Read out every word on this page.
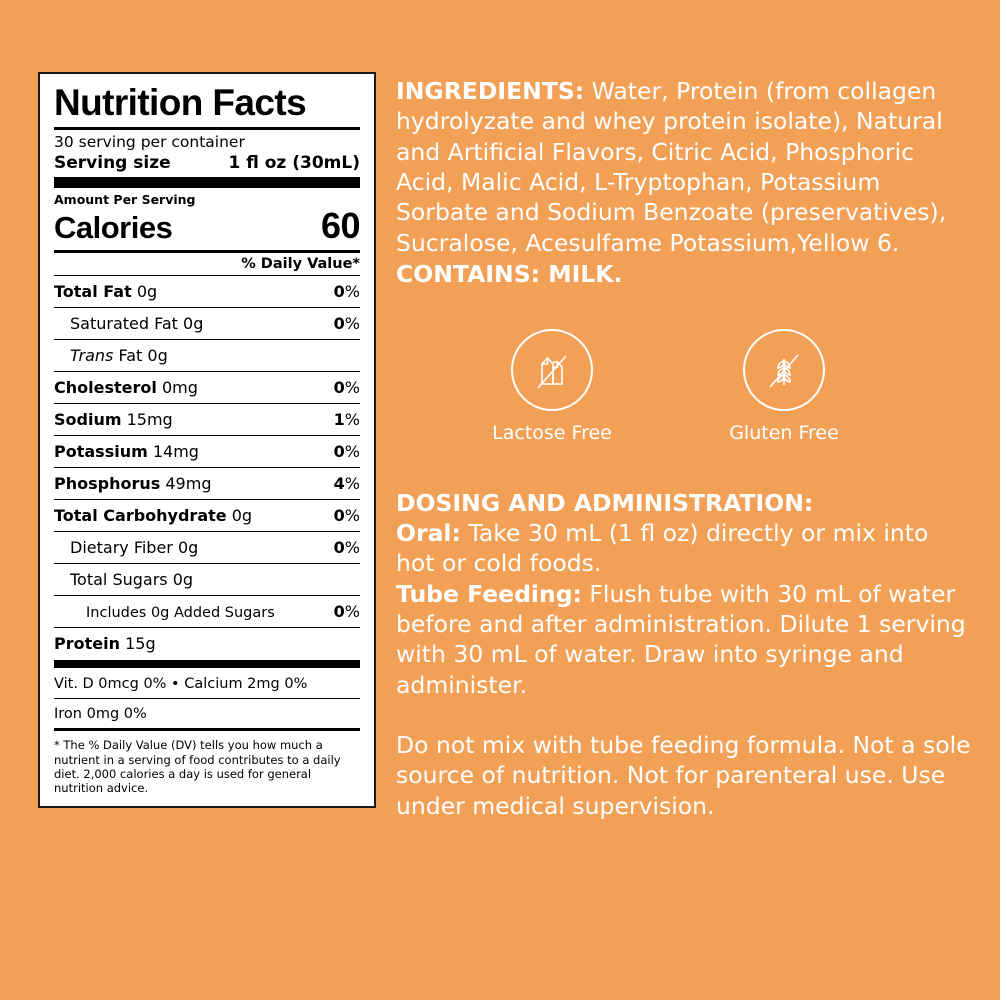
Nutrition Facts
30 serving per container
Serving size	1 fl oz (30mL)
Amount Per Serving
Calories	60
% Daily Value*
Total Fat 0g	0%
Saturated Fat 0g	0%
Trans Fat 0g
Cholesterol 0mg	0%
Sodium 15mg	1%
Potassium 14mg	0%
Phosphorus 49mg	4%
Total Carbohydrate 0g	0%
Dietary Fiber 0g	0%
Total Sugars 0g
Includes 0g Added Sugars	0%
Protein 15g
Vit. D 0mcg 0% • Calcium 2mg 0%
Iron 0mg 0%
* The % Daily Value (DV) tells you how much a nutrient in a serving of food contributes to a daily diet. 2,000 calories a day is used for general nutrition advice.
INGREDIENTS: Water, Protein (from collagen hydrolyzate and whey protein isolate), Natural and Artificial Flavors, Citric Acid, Phosphoric Acid, Malic Acid, L-Tryptophan, Potassium Sorbate and Sodium Benzoate (preservatives), Sucralose, Acesulfame Potassium,Yellow 6.
CONTAINS: MILK.
Lactose Free	Gluten Free
DOSING AND ADMINISTRATION:
Oral: Take 30 mL (1 fl oz) directly or mix into hot or cold foods.
Tube Feeding: Flush tube with 30 mL of water before and after administration. Dilute 1 serving with 30 mL of water. Draw into syringe and administer.
Do not mix with tube feeding formula. Not a sole source of nutrition. Not for parenteral use. Use under medical supervision.
